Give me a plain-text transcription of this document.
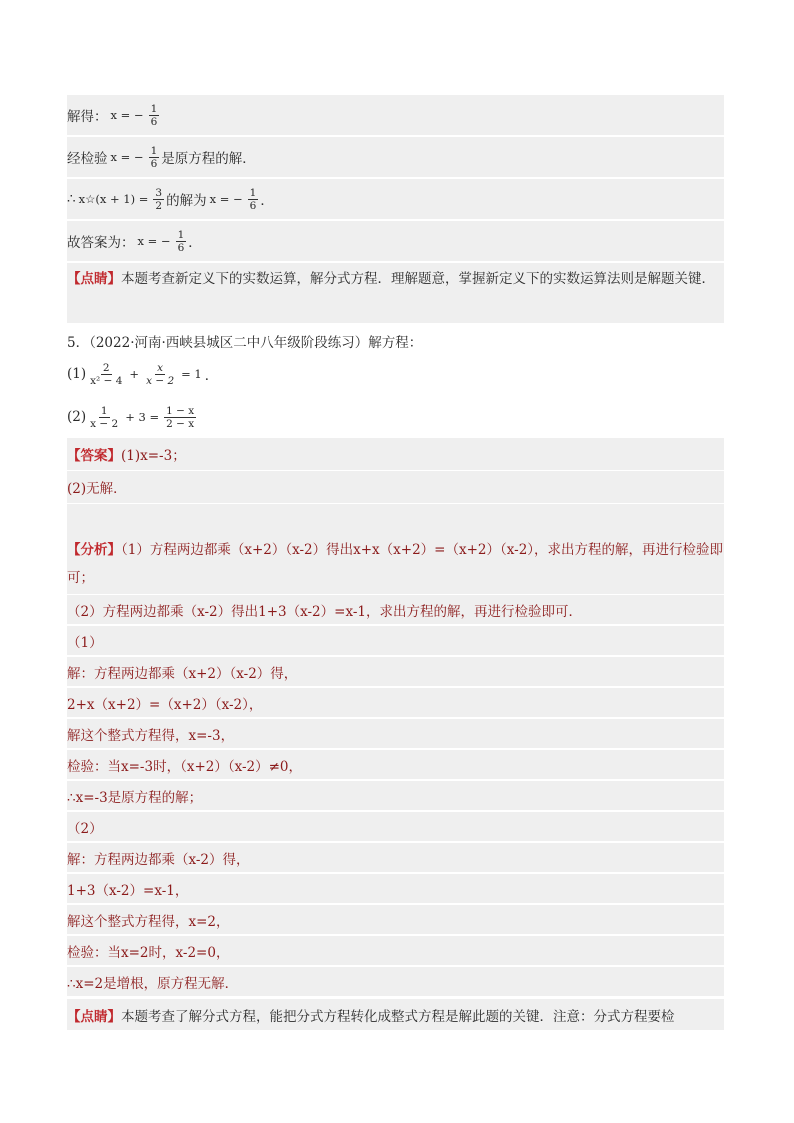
解得： x = − $\frac{1}{6}$
经检验 x = − $\frac{1}{6}$ 是原方程的解．
∴ x☆(x + $1) = \frac{3}{2}$ 的解为 x = − $\frac{1}{6}$ ．
故答案为： x = − $\frac{1}{6}$ ．
【点睛】本题考查新定义下的实数运算，解分式方程．理解题意，掌握新定义下的实数运算法则是解题关键．
5．（2022·河南·西峡县城区二中八年级阶段练习）解方程：
$(1) \frac{2}{\text{x² − 4}} + \frac{x}{x - 2} = 1$ ．
$(2) \frac{1}{x - 2} + 3 = \frac{1 - x}{2 - x}$
【答案】 (1)x=-3；
(2)无解．
【分析】（1）方程两边都乘（x+2）（x-2）得出x+x（x+2）=（x+2）（x-2），求出方程的解，再进行检验即可；
（2）方程两边都乘（x-2）得出1+3（x-2）=x-1，求出方程的解，再进行检验即可．
（1）
解：方程两边都乘（x+2）（x-2）得，
2+x（x+2）=（x+2）（x-2），
解这个整式方程得，x=-3，
检验：当x=-3时，（x+2）（x-2）≠0，
∴x=-3是原方程的解；
（2）
解：方程两边都乘（x-2）得，
1+3（x-2）=x-1，
解这个整式方程得，x=2，
检验：当x=2时，x-2=0，
∴x=2是增根，原方程无解．
【点睛】 本题考查了解分式方程，能把分式方程转化成整式方程是解此题的关键．注意：分式方程要检
